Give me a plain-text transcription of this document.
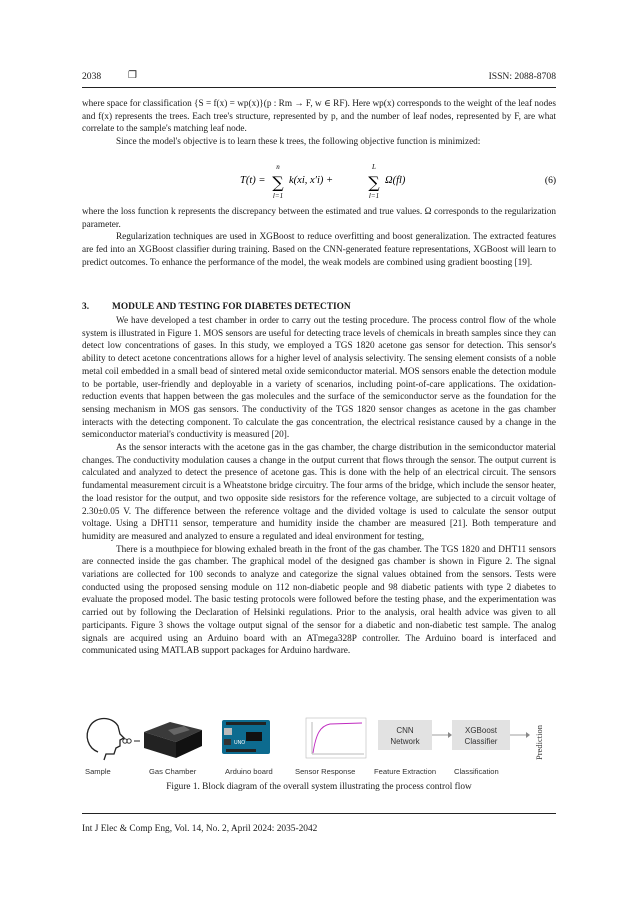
2038	❐	ISSN: 2088-8708

where space for classification {S = f(x) = wp(x)}(p : Rm → F, w ∈ RF). Here wp(x) corresponds to the weight of the leaf nodes and f(x) represents the trees. Each tree's structure, represented by p, and the number of leaf nodes, represented by F, are what correlate to the sample's matching leaf node.

Since the model's objective is to learn these k trees, the following objective function is minimized:

T(t) =
n
∑
l=1
k(xi, x′i) +
L
∑
l=1
Ω(fl)	(6)

where the loss function k represents the discrepancy between the estimated and true values. Ω corresponds to the regularization parameter.

Regularization techniques are used in XGBoost to reduce overfitting and boost generalization. The extracted features are fed into an XGBoost classifier during training. Based on the CNN-generated feature representations, XGBoost will learn to predict outcomes. To enhance the performance of the model, the weak models are combined using gradient boosting [19].

3. MODULE AND TESTING FOR DIABETES DETECTION

We have developed a test chamber in order to carry out the testing procedure. The process control flow of the whole system is illustrated in Figure 1. MOS sensors are useful for detecting trace levels of chemicals in breath samples since they can detect low concentrations of gases. In this study, we employed a TGS 1820 acetone gas sensor for detection. This sensor's ability to detect acetone concentrations allows for a higher level of analysis selectivity. The sensing element consists of a noble metal coil embedded in a small bead of sintered metal oxide semiconductor material. MOS sensors enable the detection module to be portable, user-friendly and deployable in a variety of scenarios, including point-of-care applications. The oxidation-reduction events that happen between the gas molecules and the surface of the semiconductor serve as the foundation for the sensing mechanism in MOS gas sensors. The conductivity of the TGS 1820 sensor changes as acetone in the gas chamber interacts with the detecting component. To calculate the gas concentration, the electrical resistance caused by a change in the semiconductor material's conductivity is measured [20].

As the sensor interacts with the acetone gas in the gas chamber, the charge distribution in the semiconductor material changes. The conductivity modulation causes a change in the output current that flows through the sensor. The output current is calculated and analyzed to detect the presence of acetone gas. This is done with the help of an electrical circuit. The sensors fundamental measurement circuit is a Wheatstone bridge circuitry. The four arms of the bridge, which include the sensor heater, the load resistor for the output, and two opposite side resistors for the reference voltage, are subjected to a circuit voltage of 2.30±0.05 V. The difference between the reference voltage and the divided voltage is used to calculate the sensor output voltage. Using a DHT11 sensor, temperature and humidity inside the chamber are measured [21]. Both temperature and humidity are measured and analyzed to ensure a regulated and ideal environment for testing,

There is a mouthpiece for blowing exhaled breath in the front of the gas chamber. The TGS 1820 and DHT11 sensors are connected inside the gas chamber. The graphical model of the designed gas chamber is shown in Figure 2. The signal variations are collected for 100 seconds to analyze and categorize the signal values obtained from the sensors. Tests were conducted using the proposed sensing module on 112 non-diabetic people and 98 diabetic patients with type 2 diabetes to evaluate the proposed model. The basic testing protocols were followed before the testing phase, and the experimentation was carried out by following the Declaration of Helsinki regulations. Prior to the analysis, oral health advice was given to all participants. Figure 3 shows the voltage output signal of the sensor for a diabetic and non-diabetic test sample. The analog signals are acquired using an Arduino board with an ATmega328P controller. The Arduino board is interfaced and communicated using MATLAB support packages for Arduino hardware.

UNO
CNN
Network
XGBoost
Classifier	Prediction
Sample	Gas Chamber	Arduino board	Sensor Response Feature Extraction Classification
Figure 1. Block diagram of the overall system illustrating the process control flow
Int J Elec & Comp Eng, Vol. 14, No. 2, April 2024: 2035-2042
